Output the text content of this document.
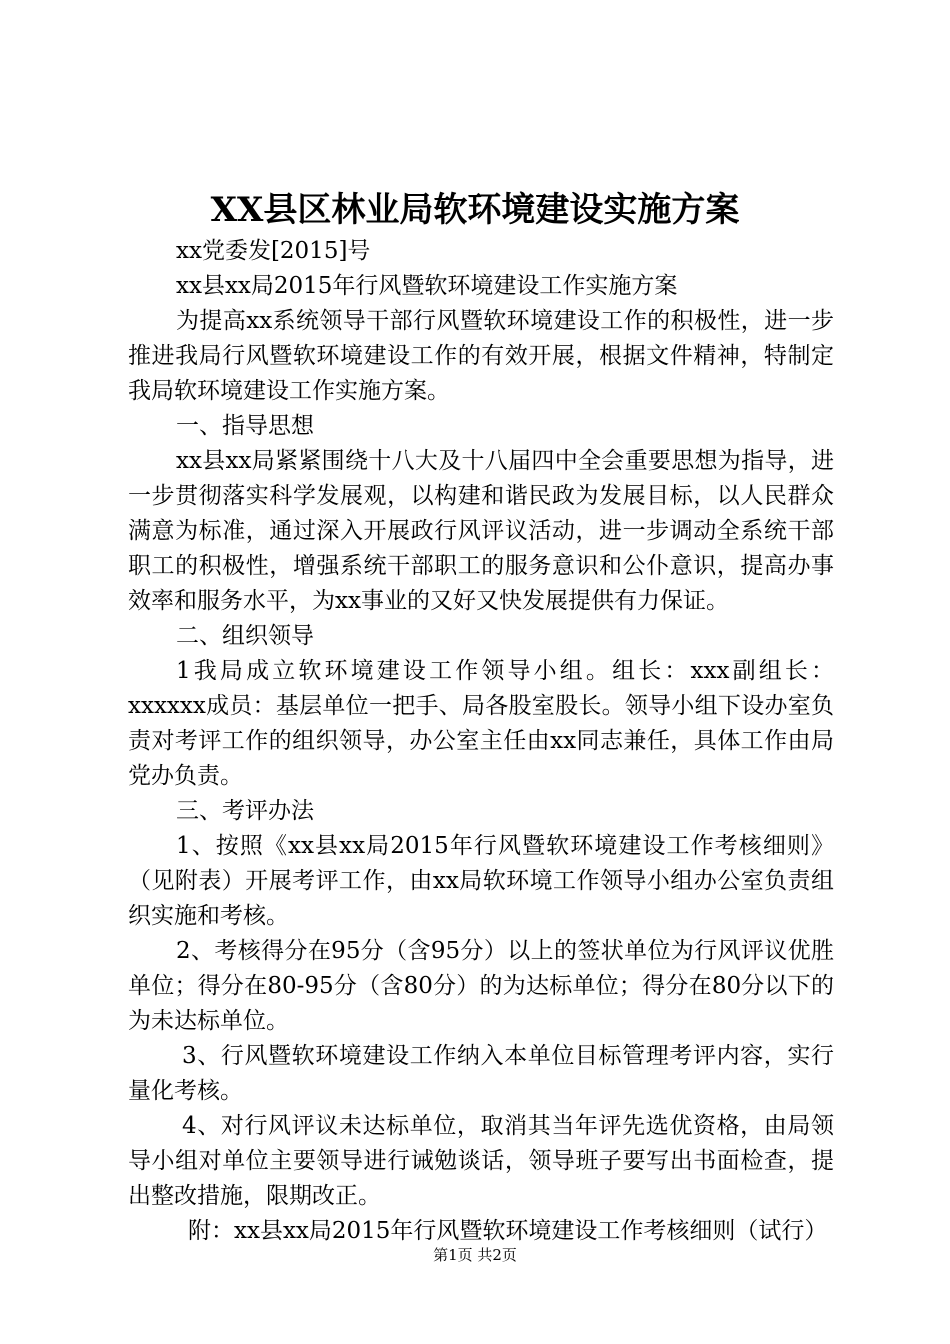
XX县区林业局软环境建设实施方案

xx党委发[2015]号

xx县xx局2015年行风暨软环境建设工作实施方案

为提高xx系统领导干部行风暨软环境建设工作的积极性，进一步推进我局行风暨软环境建设工作的有效开展，根据文件精神，特制定我局软环境建设工作实施方案。

一、指导思想

xx县xx局紧紧围绕十八大及十八届四中全会重要思想为指导，进一步贯彻落实科学发展观，以构建和谐民政为发展目标，以人民群众满意为标准，通过深入开展政行风评议活动，进一步调动全系统干部职工的积极性，增强系统干部职工的服务意识和公仆意识，提高办事效率和服务水平，为xx事业的又好又快发展提供有力保证。

二、组织领导

1我局成立软环境建设工作领导小组。组长：xxx副组长：xxxxxx成员：基层单位一把手、局各股室股长。领导小组下设办室负责对考评工作的组织领导，办公室主任由xx同志兼任，具体工作由局党办负责。

三、考评办法

1、按照《xx县xx局2015年行风暨软环境建设工作考核细则》（见附表）开展考评工作，由xx局软环境工作领导小组办公室负责组织实施和考核。

2、考核得分在95分（含95分）以上的签状单位为行风评议优胜单位；得分在80-95分（含80分）的为达标单位；得分在80分以下的为未达标单位。

3、行风暨软环境建设工作纳入本单位目标管理考评内容，实行量化考核。

4、对行风评议未达标单位，取消其当年评先选优资格，由局领导小组对单位主要领导进行诫勉谈话，领导班子要写出书面检查，提出整改措施，限期改正。

附：xx县xx局2015年行风暨软环境建设工作考核细则（试行）

第1页 共2页
